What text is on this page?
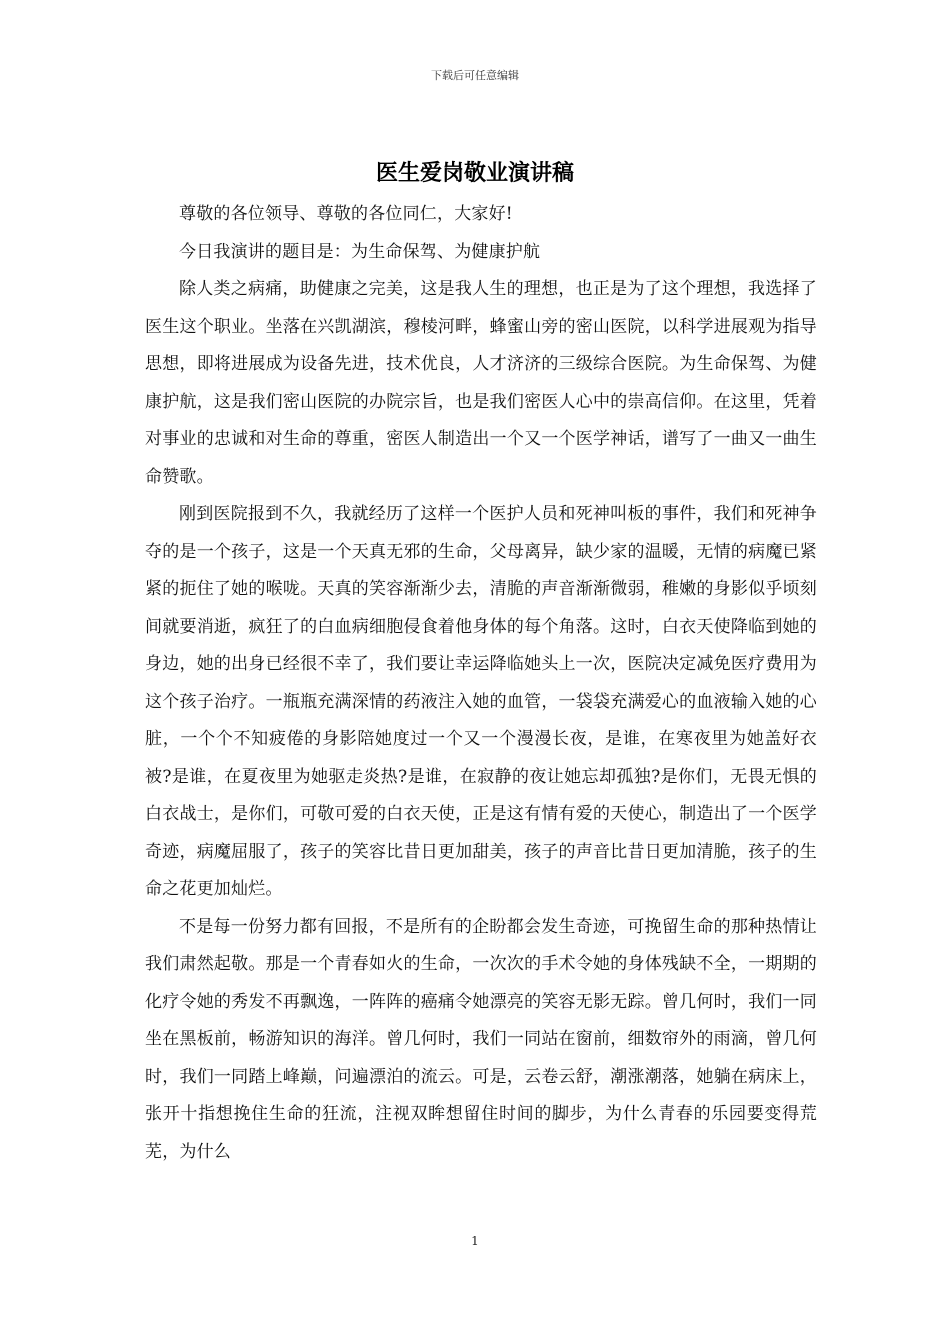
下载后可任意编辑
医生爱岗敬业演讲稿

尊敬的各位领导、尊敬的各位同仁，大家好!

今日我演讲的题目是：为生命保驾、为健康护航

除人类之病痛，助健康之完美，这是我人生的理想，也正是为了这个理想，我选择了医生这个职业。坐落在兴凯湖滨，穆棱河畔，蜂蜜山旁的密山医院，以科学进展观为指导思想，即将进展成为设备先进，技术优良，人才济济的三级综合医院。为生命保驾、为健康护航，这是我们密山医院的办院宗旨，也是我们密医人心中的崇高信仰。在这里，凭着对事业的忠诚和对生命的尊重，密医人制造出一个又一个医学神话，谱写了一曲又一曲生命赞歌。

刚到医院报到不久，我就经历了这样一个医护人员和死神叫板的事件，我们和死神争夺的是一个孩子，这是一个天真无邪的生命，父母离异，缺少家的温暖，无情的病魔已紧紧的扼住了她的喉咙。天真的笑容渐渐少去，清脆的声音渐渐微弱，稚嫩的身影似乎顷刻间就要消逝，疯狂了的白血病细胞侵食着他身体的每个角落。这时，白衣天使降临到她的身边，她的出身已经很不幸了，我们要让幸运降临她头上一次，医院决定减免医疗费用为这个孩子治疗。一瓶瓶充满深情的药液注入她的血管，一袋袋充满爱心的血液输入她的心脏，一个个不知疲倦的身影陪她度过一个又一个漫漫长夜，是谁，在寒夜里为她盖好衣被?是谁，在夏夜里为她驱走炎热?是谁，在寂静的夜让她忘却孤独?是你们，无畏无惧的白衣战士，是你们，可敬可爱的白衣天使，正是这有情有爱的天使心，制造出了一个医学奇迹，病魔屈服了，孩子的笑容比昔日更加甜美，孩子的声音比昔日更加清脆，孩子的生命之花更加灿烂。

不是每一份努力都有回报，不是所有的企盼都会发生奇迹，可挽留生命的那种热情让我们肃然起敬。那是一个青春如火的生命，一次次的手术令她的身体残缺不全，一期期的化疗令她的秀发不再飘逸，一阵阵的癌痛令她漂亮的笑容无影无踪。曾几何时，我们一同坐在黑板前，畅游知识的海洋。曾几何时，我们一同站在窗前，细数帘外的雨滴，曾几何时，我们一同踏上峰巅，问遍漂泊的流云。可是，云卷云舒，潮涨潮落，她躺在病床上，张开十指想挽住生命的狂流，注视双眸想留住时间的脚步，为什么青春的乐园要变得荒芜，为什么

1
